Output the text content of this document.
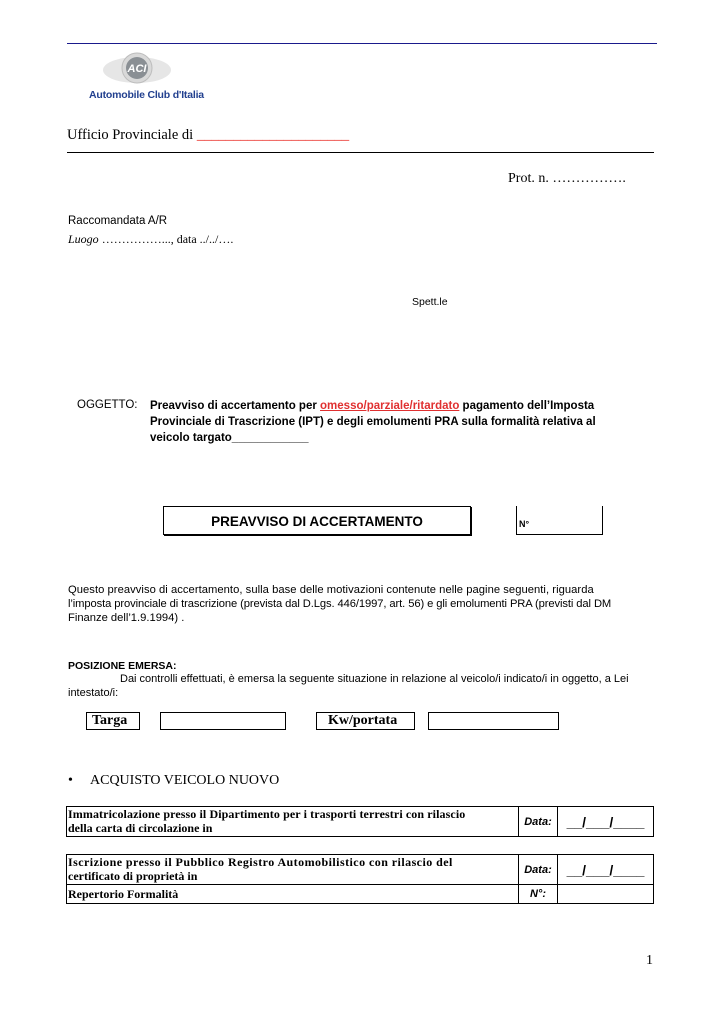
ACI
Automobile Club d'Italia
Ufficio Provinciale di _____________________
Prot. n. …………….
Raccomandata A/R
Luogo ……………..., data ../../….
Spett.le
OGGETTO: Preavviso di accertamento per omesso/parziale/ritardato pagamento dell’Imposta
Provinciale di Trascrizione (IPT) e degli emolumenti PRA sulla formalità relativa al
veicolo targato____________
PREAVVISO DI ACCERTAMENTO	N°
Questo preavviso di accertamento, sulla base delle motivazioni contenute nelle pagine seguenti, riguarda
l’imposta provinciale di trascrizione (prevista dal D.Lgs. 446/1997, art. 56) e gli emolumenti PRA (previsti dal DM
Finanze dell’1.9.1994) .
POSIZIONE EMERSA:
Dai controlli effettuati, è emersa la seguente situazione in relazione al veicolo/i indicato/i in oggetto, a Lei
intestato/i:
Targa	Kw/portata
• ACQUISTO VEICOLO NUOVO
Immatricolazione presso il Dipartimento per i trasporti terrestri con rilascio
della carta di circolazione in	Data:	__/___/____
Iscrizione presso il Pubblico Registro Automobilistico con rilascio del
certificato di proprietà in	Data:	__/___/____
Repertorio Formalità	N°:	
1
